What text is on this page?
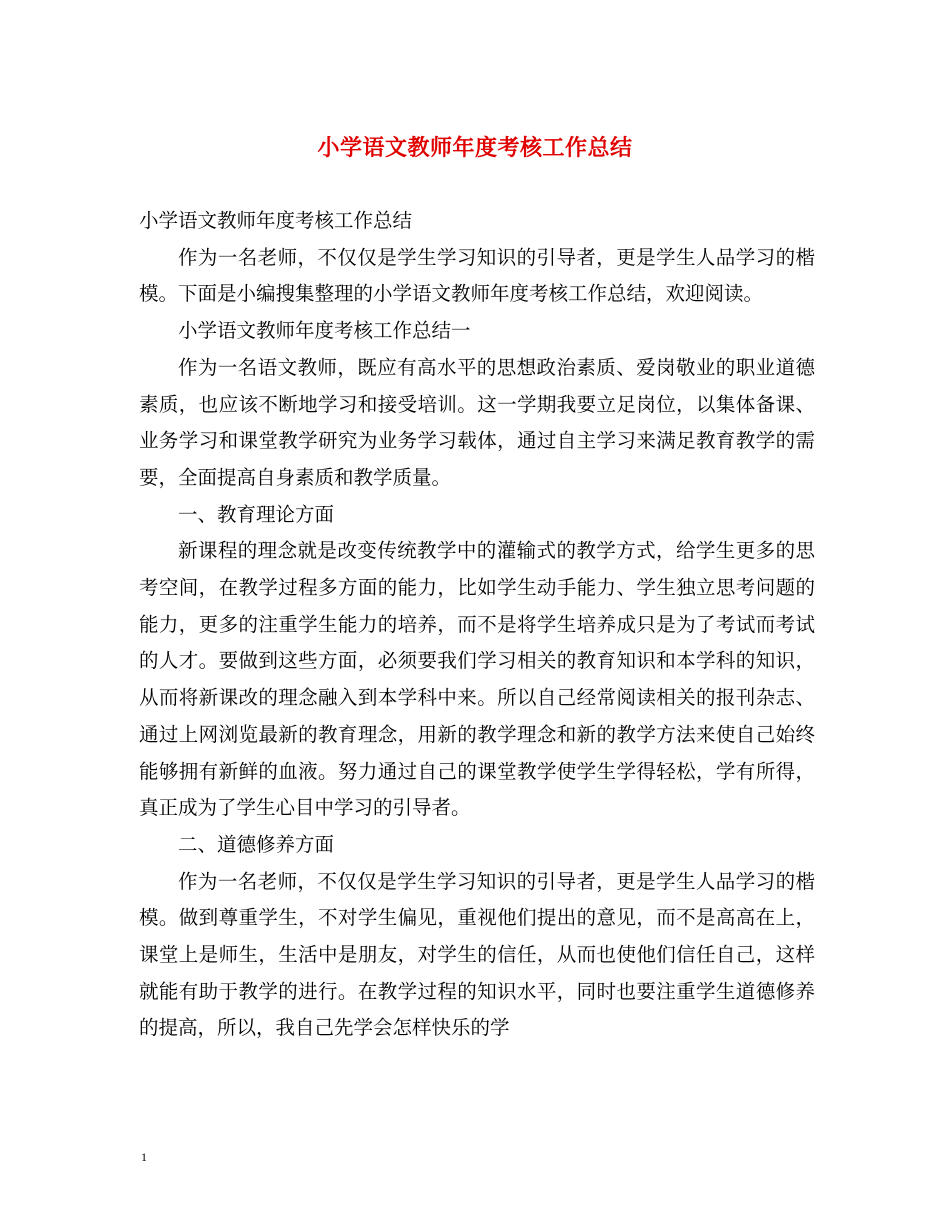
小学语文教师年度考核工作总结

小学语文教师年度考核工作总结

作为一名老师，不仅仅是学生学习知识的引导者，更是学生人品学习的楷模。下面是小编搜集整理的小学语文教师年度考核工作总结，欢迎阅读。

小学语文教师年度考核工作总结一

作为一名语文教师，既应有高水平的思想政治素质、爱岗敬业的职业道德素质，也应该不断地学习和接受培训。这一学期我要立足岗位，以集体备课、业务学习和课堂教学研究为业务学习载体，通过自主学习来满足教育教学的需要，全面提高自身素质和教学质量。

一、教育理论方面

新课程的理念就是改变传统教学中的灌输式的教学方式，给学生更多的思考空间，在教学过程多方面的能力，比如学生动手能力、学生独立思考问题的能力，更多的注重学生能力的培养，而不是将学生培养成只是为了考试而考试的人才。要做到这些方面，必须要我们学习相关的教育知识和本学科的知识，从而将新课改的理念融入到本学科中来。所以自己经常阅读相关的报刊杂志、通过上网浏览最新的教育理念，用新的教学理念和新的教学方法来使自己始终能够拥有新鲜的血液。努力通过自己的课堂教学使学生学得轻松，学有所得，真正成为了学生心目中学习的引导者。

二、道德修养方面

作为一名老师，不仅仅是学生学习知识的引导者，更是学生人品学习的楷模。做到尊重学生，不对学生偏见，重视他们提出的意见，而不是高高在上，课堂上是师生，生活中是朋友，对学生的信任，从而也使他们信任自己，这样就能有助于教学的进行。在教学过程的知识水平，同时也要注重学生道德修养的提高，所以，我自己先学会怎样快乐的学

1
